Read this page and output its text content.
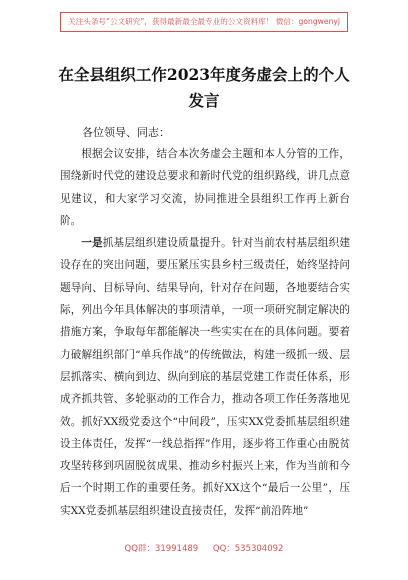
关注头条号“公文研究”，获得最新最全最专业的公文资料库！ 微信：gongwenyj
在全县组织工作2023年度务虚会上的个人发言
各位领导、同志：

根据会议安排，结合本次务虚会主题和本人分管的工作，围绕新时代党的建设总要求和新时代党的组织路线，讲几点意见建议，和大家学习交流，协同推进全县组织工作再上新台阶。

一是抓基层组织建设质量提升。针对当前农村基层组织建设存在的突出问题，要压紧压实县乡村三级责任，始终坚持问题导向、目标导向、结果导向，针对存在问题，各地要结合实际，列出今年具体解决的事项清单，一项一项研究制定解决的措施方案，争取每年都能解决一些实实在在的具体问题。要着力破解组织部门“单兵作战”的传统做法，构建一级抓一级、层层抓落实、横向到边、纵向到底的基层党建工作责任体系，形成齐抓共管、多轮驱动的工作合力，推动各项工作任务落地见效。抓好XX级党委这个“中间段”，压实XX党委抓基层组织建设主体责任，发挥“一线总指挥”作用，逐步将工作重心由脱贫攻坚转移到巩固脱贫成果、推动乡村振兴上来，作为当前和今后一个时期工作的重要任务。抓好XX这个“最后一公里”，压实XX党委抓基层组织建设直接责任，发挥“前沿阵地”

QQ群：31991489 QQ：535304092
